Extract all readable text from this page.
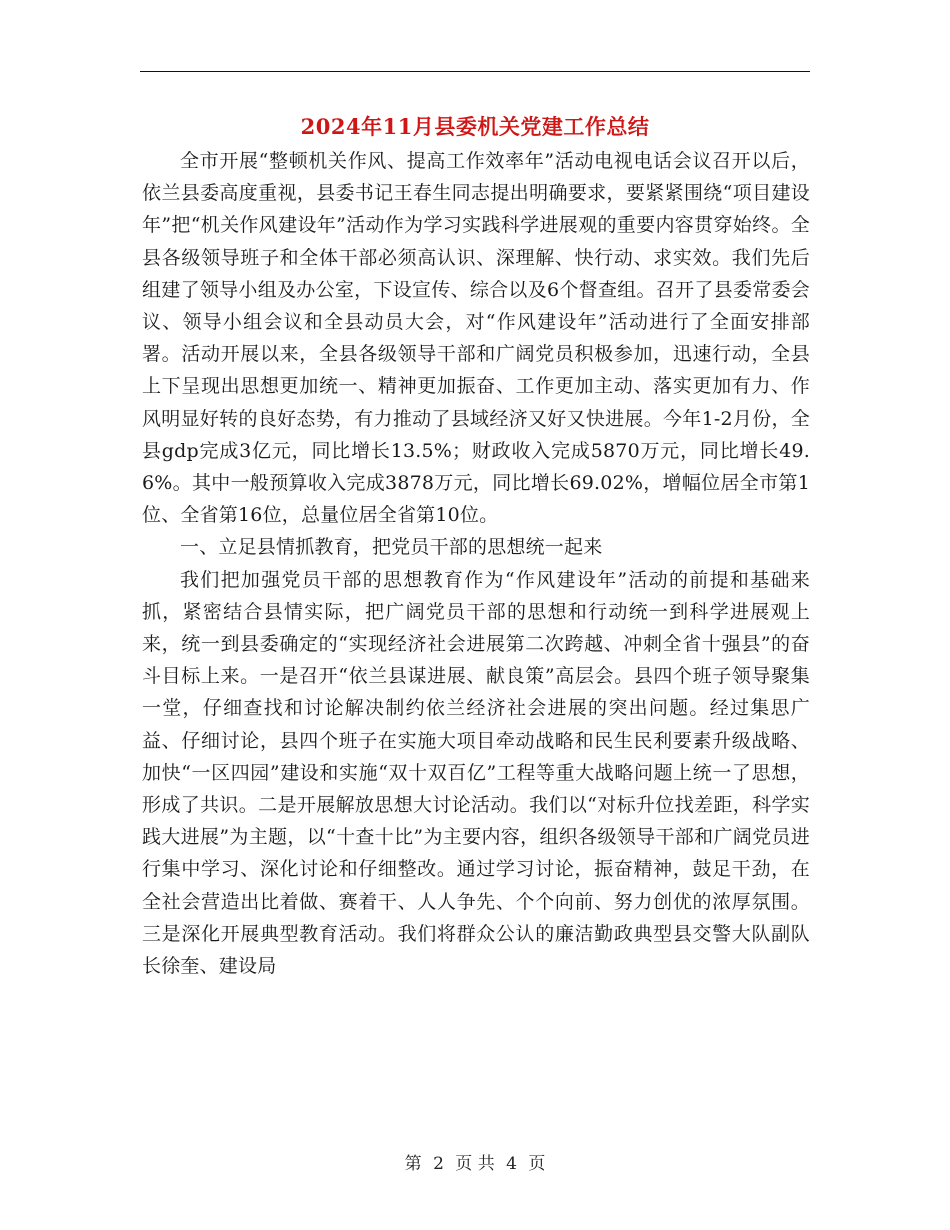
2024年11月县委机关党建工作总结

全市开展“整顿机关作风、提高工作效率年”活动电视电话会议召开以后，依兰县委高度重视，县委书记王春生同志提出明确要求，要紧紧围绕“项目建设年”把“机关作风建设年”活动作为学习实践科学进展观的重要内容贯穿始终。全县各级领导班子和全体干部必须高认识、深理解、快行动、求实效。我们先后组建了领导小组及办公室，下设宣传、综合以及6个督查组。召开了县委常委会议、领导小组会议和全县动员大会，对“作风建设年”活动进行了全面安排部署。活动开展以来，全县各级领导干部和广阔党员积极参加，迅速行动，全县上下呈现出思想更加统一、精神更加振奋、工作更加主动、落实更加有力、作风明显好转的良好态势，有力推动了县域经济又好又快进展。今年1-2月份，全县gdp完成3亿元，同比增长13.5%；财政收入完成5870万元，同比增长49.6%。其中一般预算收入完成3878万元，同比增长69.02%，增幅位居全市第1位、全省第16位，总量位居全省第10位。

一、立足县情抓教育，把党员干部的思想统一起来

我们把加强党员干部的思想教育作为“作风建设年”活动的前提和基础来抓，紧密结合县情实际，把广阔党员干部的思想和行动统一到科学进展观上来，统一到县委确定的“实现经济社会进展第二次跨越、冲刺全省十强县”的奋斗目标上来。一是召开“依兰县谋进展、献良策”高层会。县四个班子领导聚集一堂，仔细查找和讨论解决制约依兰经济社会进展的突出问题。经过集思广益、仔细讨论，县四个班子在实施大项目牵动战略和民生民利要素升级战略、加快“一区四园”建设和实施“双十双百亿”工程等重大战略问题上统一了思想，形成了共识。二是开展解放思想大讨论活动。我们以“对标升位找差距，科学实践大进展”为主题，以“十查十比”为主要内容，组织各级领导干部和广阔党员进行集中学习、深化讨论和仔细整改。通过学习讨论，振奋精神，鼓足干劲，在全社会营造出比着做、赛着干、人人争先、个个向前、努力创优的浓厚氛围。三是深化开展典型教育活动。我们将群众公认的廉洁勤政典型县交警大队副队长徐奎、建设局

第 2 页 共 4 页
